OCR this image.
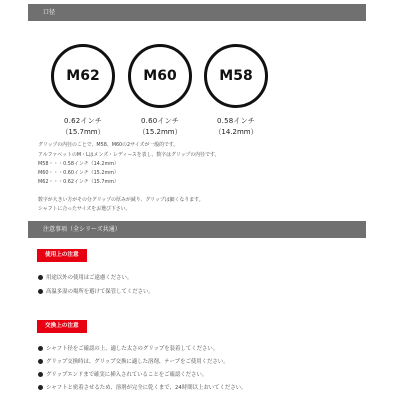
口径
M62
0.62インチ
（15.7mm）
M60
0.60インチ
（15.2mm）
M58
0.58インチ
（14.2mm）
グリップの内径のことで、M58、M60の2サイズが一般的です。
アルファベットのM・Lはメンズ・レディースを表し、数字はグリップの内径です。
M58・・・0.58インチ（14.2mm）
M60・・・0.60インチ（15.2mm）
M62・・・0.62インチ（15.7mm）
数字が大きい方がその分グリップの厚みが減り、グリップは細くなります。
シャフトに合ったサイズをお選び下さい。
注意事項（全シリーズ共通）
使用上の注意
用途以外の使用はご遠慮ください。
高温多湿の場所を避けて保管してください。
交換上の注意
シャフト径をご確認の上、適した太さのグリップを装着してください。
グリップ交換時は、グリップ交換に適した溶剤、テープをご使用ください。
グリップエンドまで確実に挿入されていることをご確認ください。
シャフトと密着させるため、溶剤が完全に乾くまで、24時間以上おいてください。
